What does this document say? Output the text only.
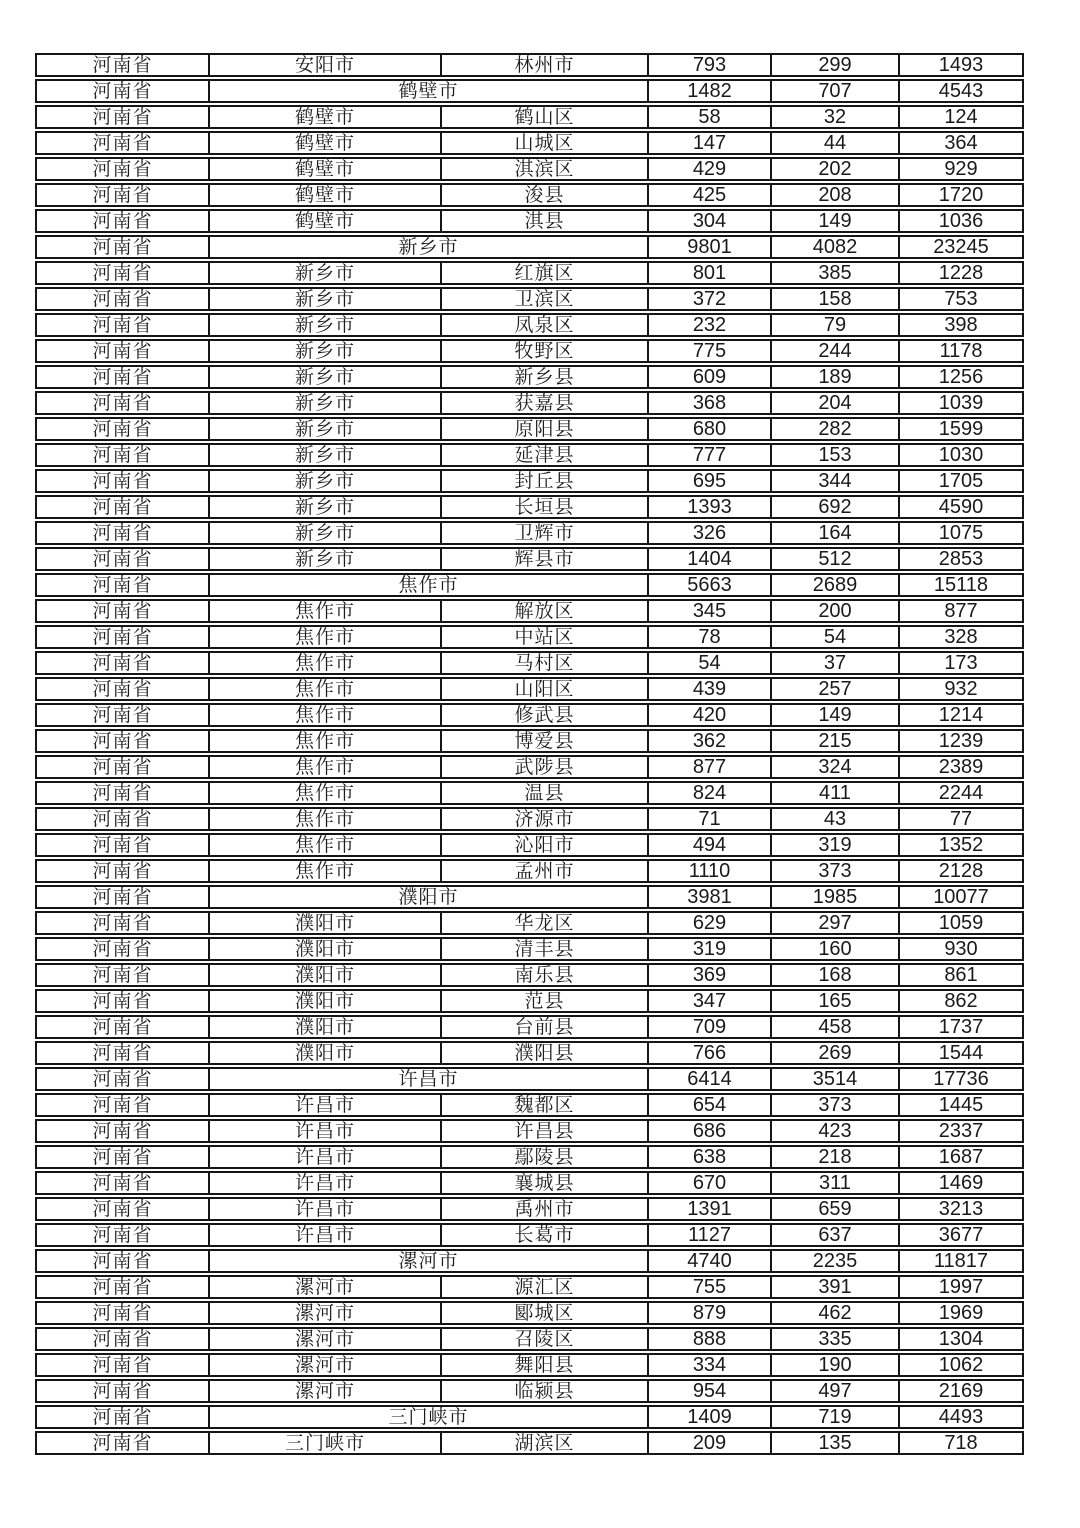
河南省	安阳市	林州市	793	299	1493
河南省	鹤壁市	1482	707	4543
河南省	鹤壁市	鹤山区	58	32	124
河南省	鹤壁市	山城区	147	44	364
河南省	鹤壁市	淇滨区	429	202	929
河南省	鹤壁市	浚县	425	208	1720
河南省	鹤壁市	淇县	304	149	1036
河南省	新乡市	9801	4082	23245
河南省	新乡市	红旗区	801	385	1228
河南省	新乡市	卫滨区	372	158	753
河南省	新乡市	凤泉区	232	79	398
河南省	新乡市	牧野区	775	244	1178
河南省	新乡市	新乡县	609	189	1256
河南省	新乡市	获嘉县	368	204	1039
河南省	新乡市	原阳县	680	282	1599
河南省	新乡市	延津县	777	153	1030
河南省	新乡市	封丘县	695	344	1705
河南省	新乡市	长垣县	1393	692	4590
河南省	新乡市	卫辉市	326	164	1075
河南省	新乡市	辉县市	1404	512	2853
河南省	焦作市	5663	2689	15118
河南省	焦作市	解放区	345	200	877
河南省	焦作市	中站区	78	54	328
河南省	焦作市	马村区	54	37	173
河南省	焦作市	山阳区	439	257	932
河南省	焦作市	修武县	420	149	1214
河南省	焦作市	博爱县	362	215	1239
河南省	焦作市	武陟县	877	324	2389
河南省	焦作市	温县	824	411	2244
河南省	焦作市	济源市	71	43	77
河南省	焦作市	沁阳市	494	319	1352
河南省	焦作市	孟州市	1110	373	2128
河南省	濮阳市	3981	1985	10077
河南省	濮阳市	华龙区	629	297	1059
河南省	濮阳市	清丰县	319	160	930
河南省	濮阳市	南乐县	369	168	861
河南省	濮阳市	范县	347	165	862
河南省	濮阳市	台前县	709	458	1737
河南省	濮阳市	濮阳县	766	269	1544
河南省	许昌市	6414	3514	17736
河南省	许昌市	魏都区	654	373	1445
河南省	许昌市	许昌县	686	423	2337
河南省	许昌市	鄢陵县	638	218	1687
河南省	许昌市	襄城县	670	311	1469
河南省	许昌市	禹州市	1391	659	3213
河南省	许昌市	长葛市	1127	637	3677
河南省	漯河市	4740	2235	11817
河南省	漯河市	源汇区	755	391	1997
河南省	漯河市	郾城区	879	462	1969
河南省	漯河市	召陵区	888	335	1304
河南省	漯河市	舞阳县	334	190	1062
河南省	漯河市	临颍县	954	497	2169
河南省	三门峡市	1409	719	4493
河南省	三门峡市	湖滨区	209	135	718
